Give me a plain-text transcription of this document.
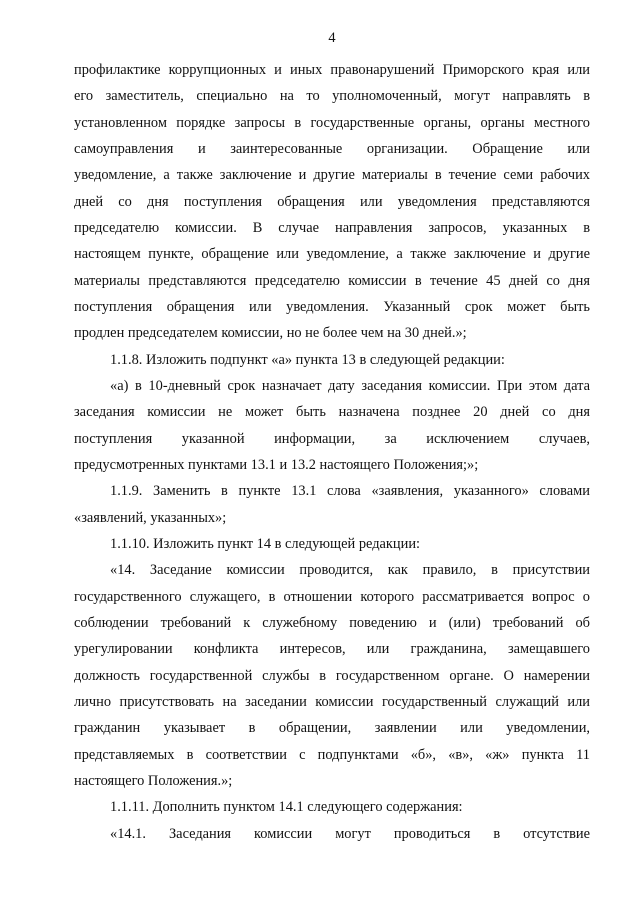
4
профилактике коррупционных и иных правонарушений Приморского края или
его заместитель, специально на то уполномоченный, могут направлять в
установленном порядке запросы в государственные органы, органы местного
самоуправления и заинтересованные организации. Обращение или
уведомление, а также заключение и другие материалы в течение семи рабочих
дней со дня поступления обращения или уведомления представляются
председателю комиссии. В случае направления запросов, указанных в
настоящем пункте, обращение или уведомление, а также заключение и другие
материалы представляются председателю комиссии в течение 45 дней со дня
поступления обращения или уведомления. Указанный срок может быть
продлен председателем комиссии, но не более чем на 30 дней.»;
1.1.8. Изложить подпункт «а» пункта 13 в следующей редакции:
«а) в 10-дневный срок назначает дату заседания комиссии. При этом дата
заседания комиссии не может быть назначена позднее 20 дней со дня
поступления указанной информации, за исключением случаев,
предусмотренных пунктами 13.1 и 13.2 настоящего Положения;»;
1.1.9. Заменить в пункте 13.1 слова «заявления, указанного» словами
«заявлений, указанных»;
1.1.10. Изложить пункт 14 в следующей редакции:
«14. Заседание комиссии проводится, как правило, в присутствии
государственного служащего, в отношении которого рассматривается вопрос о
соблюдении требований к служебному поведению и (или) требований об
урегулировании конфликта интересов, или гражданина, замещавшего
должность государственной службы в государственном органе. О намерении
лично присутствовать на заседании комиссии государственный служащий или
гражданин указывает в обращении, заявлении или уведомлении,
представляемых в соответствии с подпунктами «б», «в», «ж» пункта 11
настоящего Положения.»;
1.1.11. Дополнить пунктом 14.1 следующего содержания:
«14.1. Заседания комиссии могут проводиться в отсутствие
